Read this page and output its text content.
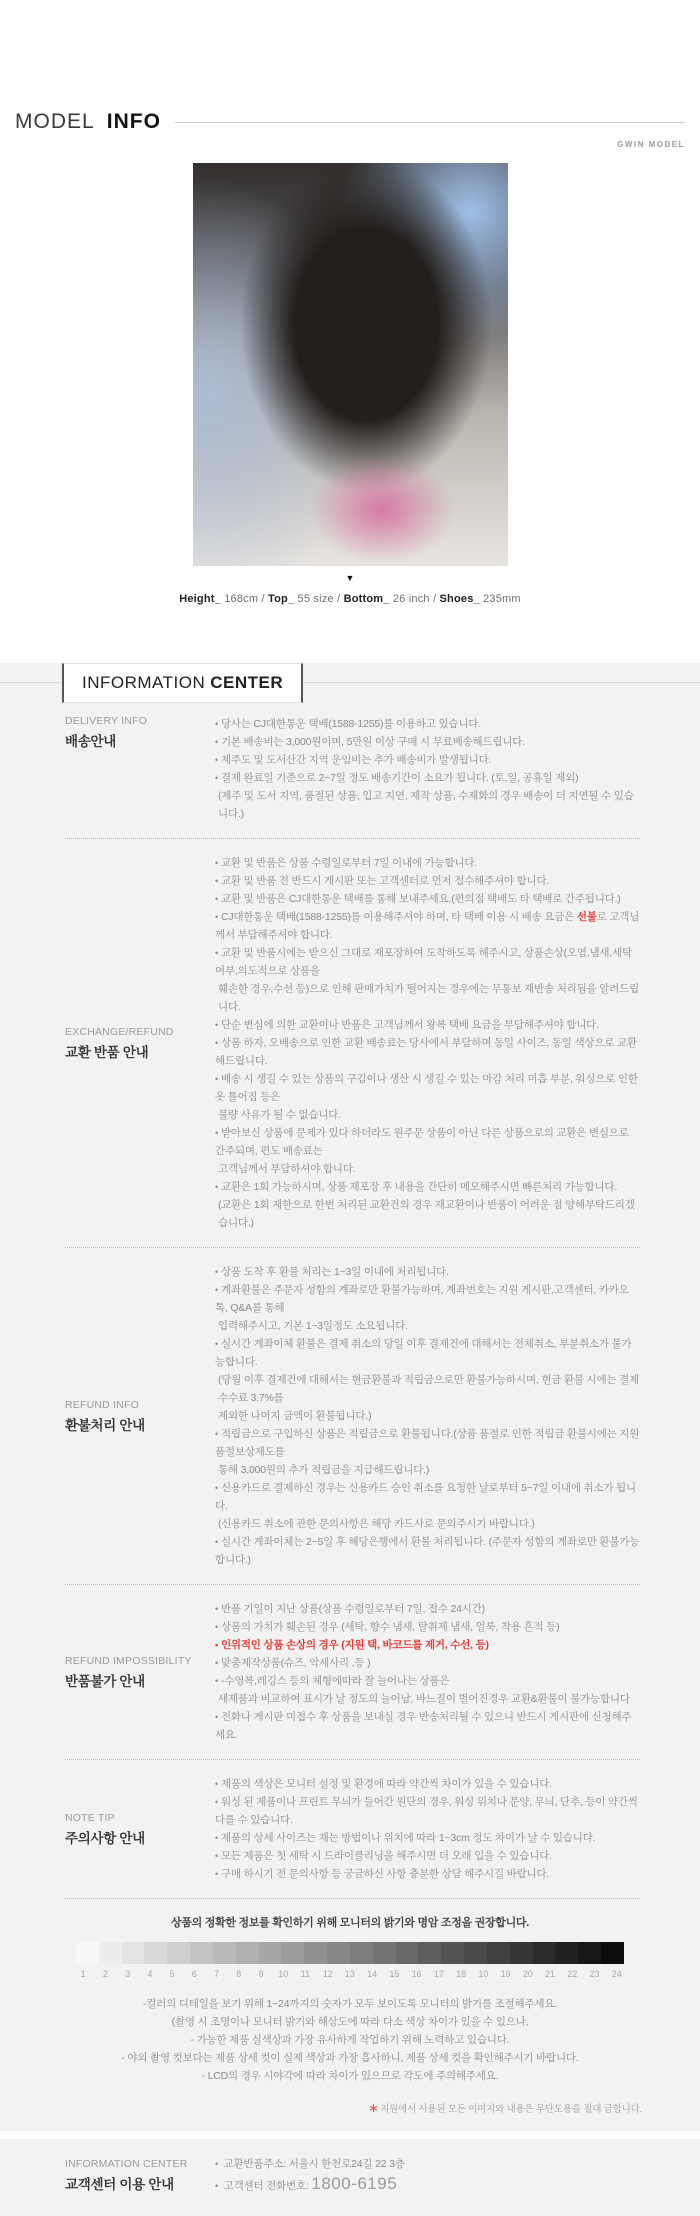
MODEL INFO
GWIN MODEL
▼
Height_ 168cm / Top_ 55 size / Bottom_ 26 inch / Shoes_ 235mm
INFORMATION CENTER
DELIVERY INFO
배송안내
• 당사는 CJ대한통운 택배(1588-1255)를 이용하고 있습니다.
• 기본 배송비는 3,000원이며, 5만원 이상 구매 시 무료배송해드립니다.
• 제주도 및 도서산간 지역 운임비는 추가 배송비가 발생됩니다.
• 결제 완료일 기준으로 2~7일 정도 배송기간이 소요가 됩니다. (토,일, 공휴일 제외)
(제주 및 도서 지역, 품절된 상품, 입고 지연, 제작 상품, 수제화의 경우 배송이 더 지연될 수 있습니다.)
EXCHANGE/REFUND
교환 반품 안내
• 교환 및 반품은 상품 수령일로부터 7일 이내에 가능합니다.
• 교환 및 반품 전 반드시 게시판 또는 고객센터로 먼저 접수해주셔야 합니다.
• 교환 및 반품은 CJ대한통운 택배를 통해 보내주세요.(편의점 택배도 타 택배로 간주됩니다.)
• CJ대한통운 택배(1588-1255)를 이용해주셔야 하며, 타 택배 이용 시 배송 요금은 선불로 고객님께서 부담해주셔야 합니다.
• 교환 및 반품시에는 받으신 그대로 재포장하여 도착하도록 해주시고, 상품손상(오염,냄새,세탁여부,의도적으로 상품을
훼손한 경우,수선 등)으로 인해 판매가치가 떨어지는 경우에는 무통보 재반송 처리됨을 알려드립니다.
• 단순 변심에 의한 교환이나 반품은 고객님께서 왕복 택배 요금을 부담해주셔야 합니다.
• 상품 하자, 오배송으로 인한 교환 배송료는 당사에서 부담하며 동일 사이즈, 동일 색상으로 교환해드립니다.
• 배송 시 생길 수 있는 상품의 구김이나 생산 시 생길 수 있는 마감 처리 미흡 부분, 워싱으로 인한 옷 틀어짐 등은
불량 사유가 될 수 없습니다.
• 받아보신 상품에 문제가 있다 하더라도 원주문 상품이 아닌 다른 상품으로의 교환은 변심으로 간주되며, 편도 배송료는
고객님께서 부담하셔야 합니다.
• 교환은 1회 가능하시며, 상품 재포장 후 내용을 간단히 메모해주시면 빠른처리 가능합니다.
(교환은 1회 제한으로 한번 처리된 교환건의 경우 재교환이나 반품이 어려운 점 양해부탁드리겠습니다.)
REFUND INFO
환불처리 안내
• 상품 도착 후 환불 처리는 1~3일 이내에 처리됩니다.
• 계좌환불은 주문자 성함의 계좌로만 환불가능하며, 계좌번호는 지원 게시판,고객센터, 카카오톡, Q&A를 통해
입력해주시고, 기본 1~3일정도 소요됩니다.
• 실시간 계좌이체 환불은 결제 취소의 당일 이후 결제건에 대해서는 전체취소, 부분취소가 불가능합니다.
(당월 이후 결제건에 대해서는 현금환불과 적립금으로만 환불가능하시며, 현금 환불 시에는 결제수수료 3.7%를
제외한 나머지 금액이 환불됩니다.)
• 적립금으로 구입하신 상품은 적립금으로 환불됩니다.(상품 품절로 인한 적립금 환불시에는 지원 품절보상제도를
통해 3,000원의 추가 적립금을 지급해드립니다.)
• 신용카드로 결제하신 경우는 신용카드 승인 취소를 요청한 날로부터 5~7일 이내에 취소가 됩니다.
(신용카드 취소에 관한 문의사항은 해당 카드사로 문의주시기 바랍니다.)
• 실시간 계좌이체는 2~5일 후 해당은행에서 환불 처리됩니다. (주문자 성함의 계좌로만 환불가능합니다.)
REFUND IMPOSSIBILITY
반품불가 안내
• 반품 기일이 지난 상품(상품 수령일로부터 7일, 접수 24시간)
• 상품의 가치가 훼손된 경우 (세탁, 향수 냄새, 탈취제 냄새, 얼룩, 착용 흔적 등)
• 인위적인 상품 손상의 경우 (지원 택, 바코드를 제거, 수선, 등)
• 맞춤제작상품(슈즈, 악세사리 ,등 )
• -수영복,레깅스 등의 체형에따라 잘 늘어나는 상품은
새제품과 비교하여 표시가 날 정도의 늘어남, 바느질이 벌어진경우 교환&환불이 불가능합니다
• 전화나 게시판 미접수 후 상품을 보내실 경우 반송처리될 수 있으니 반드시 게시판에 신청해주세요.
NOTE TIP
주의사항 안내
• 제품의 색상은 모니터 설정 및 환경에 따라 약간씩 차이가 있을 수 있습니다.
• 워싱 된 제품이나 프린트 무늬가 들어간 원단의 경우, 워싱 위치나 문양, 무늬, 단추, 등이 약간씩 다를 수 있습니다.
• 제품의 상세 사이즈는 재는 방법이나 위치에 따라 1~3cm 정도 차이가 날 수 있습니다.
• 모든 제품은 첫 세탁 시 드라이클리닝을 해주시면 더 오래 입을 수 있습니다.
• 구매 하시기 전 문의사항 등 궁금하신 사항 충분한 상담 해주시길 바랍니다.
상품의 정확한 정보를 확인하기 위해 모니터의 밝기와 명암 조정을 권장합니다.
1	2	3	4	5	6	7	8	9	10	11	12	13	14	15	16	17	18	10	19	20	21	22	23	24
-컬러의 디테일을 보기 위해 1~24까지의 숫자가 모두 보이도록 모니터의 밝기를 조절해주세요.
(촬영 시 조명이나 모니터 밝기와 해상도에 따라 다소 색상 차이가 있을 수 있으나,
- 가능한 제품 실색상과 가장 유사하게 작업하기 위해 노력하고 있습니다.
- 야외 촬영 컷보다는 제품 상세 컷이 실제 색상과 가장 흡사하니, 제품 상세 컷을 확인해주시기 바랍니다.
- LCD의 경우 시야각에 따라 차이가 있으므로 각도에 주의해주세요.
＊ 지원에서 사용된 모든 이미지와 내용은 무단도용을 절대 금합니다.
INFORMATION CENTER
교객센터 이용 안내
• 교환반품주소: 서울시 한천로24길 22 3층
• 고객센터 전화번호: 1800-6195
